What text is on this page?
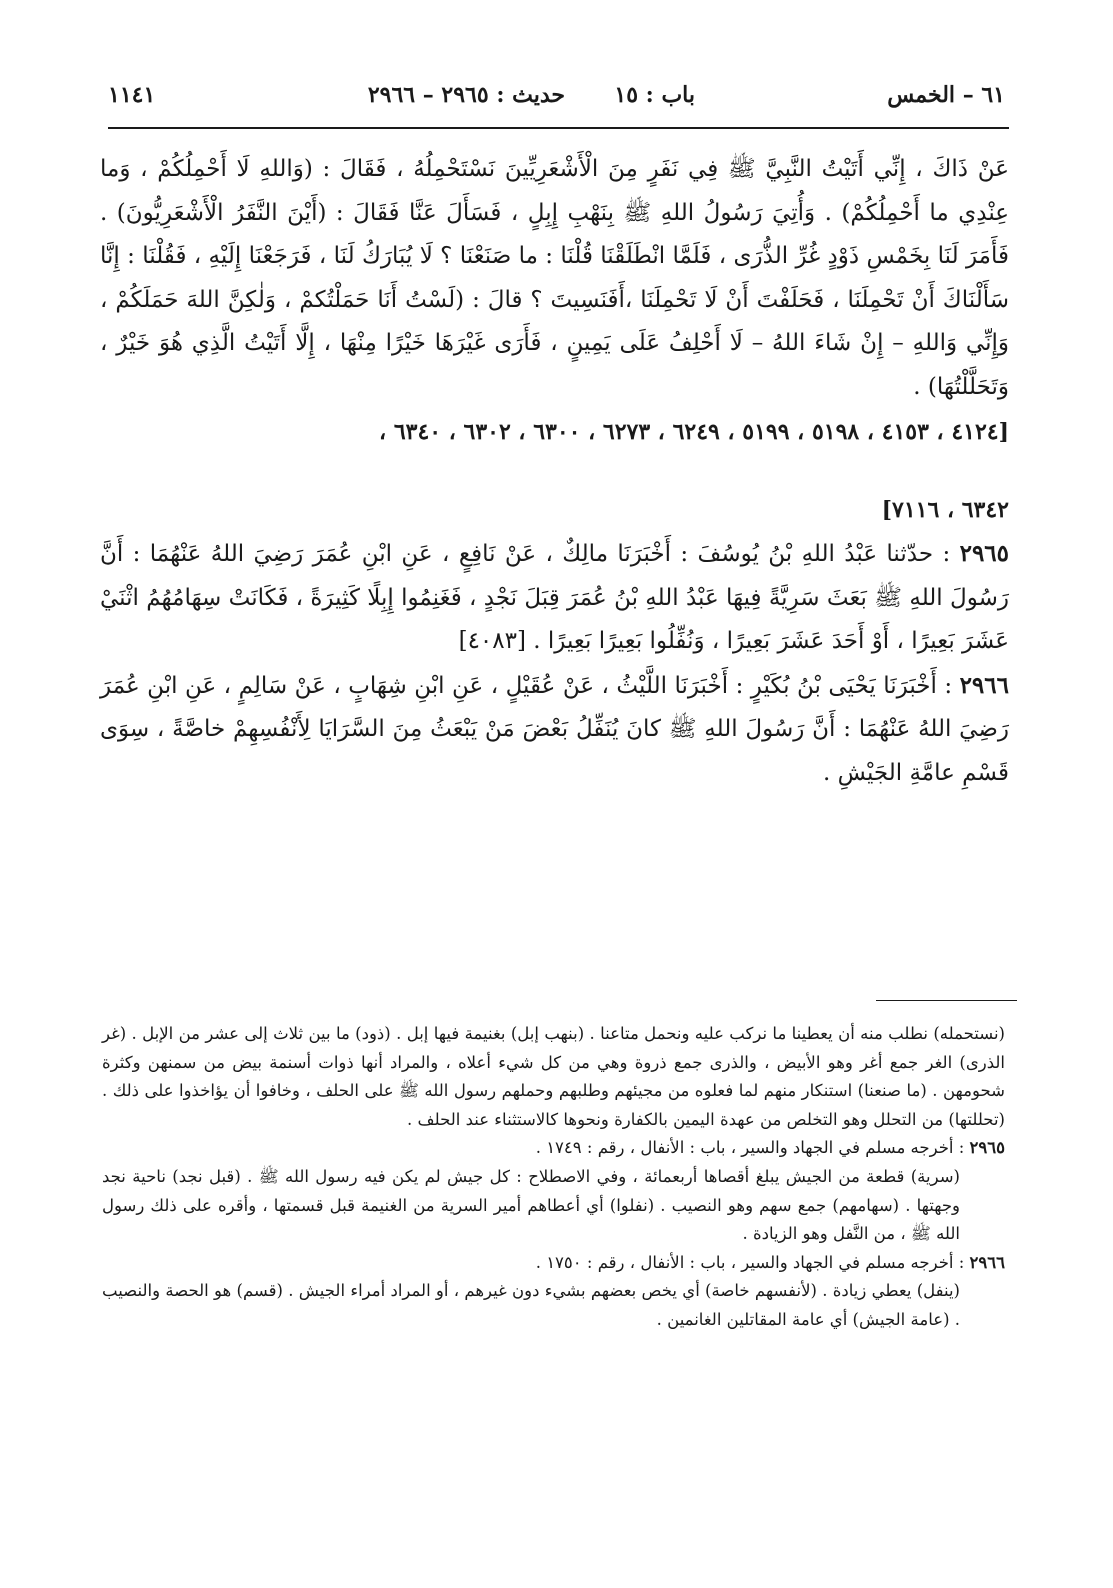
٦١ – الخمس
باب : ١٥
حديث : ٢٩٦٥ – ٢٩٦٦
١١٤١

عَنْ ذَاكَ ، إِنِّي أَتَيْتُ النَّبِيَّ ﷺ فِي نَفَرٍ مِنَ الْأَشْعَرِيِّينَ نَسْتَحْمِلُهُ ، فَقَالَ : (وَاللهِ لَا أَحْمِلُكُمْ ، وَما عِنْدِي ما أَحْمِلُكُمْ) . وَأُتِيَ رَسُولُ اللهِ ﷺ بِنَهْبِ إِبِلٍ ، فَسَأَلَ عَنَّا فَقَالَ : (أَيْنَ النَّفَرُ الْأَشْعَرِيُّونَ) . فَأَمَرَ لَنَا بِخَمْسِ ذَوْدٍ غُرِّ الذُّرَى ، فَلَمَّا انْطَلَقْنَا قُلْنَا : ما صَنَعْنَا ؟ لَا يُبَارَكُ لَنَا ، فَرَجَعْنَا إِلَيْهِ ، فَقُلْنَا : إِنَّا سَأَلْنَاكَ أَنْ تَحْمِلَنَا ، فَحَلَفْتَ أَنْ لَا تَحْمِلَنَا ،أَفَنَسِيتَ ؟ قالَ : (لَسْتُ أَنَا حَمَلْتُكمْ ، وَلٰكِنَّ اللهَ حَمَلَكُمْ ، وَإِنِّي وَاللهِ – إِنْ شَاءَ اللهُ – لَا أَحْلِفُ عَلَى يَمِينٍ ، فَأَرَى غَيْرَهَا خَيْرًا مِنْهَا ، إِلَّا أَتَيْتُ الَّذِي هُوَ خَيْرٌ ، وَتَحَلَّلْتُهَا) .

[٤١٢٤ ، ٤١٥٣ ، ٥١٩٨ ، ٥١٩٩ ، ٦٢٤٩ ، ٦٢٧٣ ، ٦٣٠٠ ، ٦٣٠٢ ، ٦٣٤٠ ،

٦٣٤٢ ، ٧١١٦]

٢٩٦٥ : حدّثنا عَبْدُ اللهِ بْنُ يُوسُفَ : أَخْبَرَنَا مالِكٌ ، عَنْ نَافِعٍ ، عَنِ ابْنِ عُمَرَ رَضِيَ اللهُ عَنْهُمَا : أَنَّ رَسُولَ اللهِ ﷺ بَعَثَ سَرِيَّةً فِيهَا عَبْدُ اللهِ بْنُ عُمَرَ قِبَلَ نَجْدٍ ، فَغَنِمُوا إِبِلًا كَثِيرَةً ، فَكَانَتْ سِهَامُهُمُ اثْنَيْ عَشَرَ بَعِيرًا ، أَوْ أَحَدَ عَشَرَ بَعِيرًا ، وَنُفِّلُوا بَعِيرًا بَعِيرًا . [٤٠٨٣]

٢٩٦٦ : أَخْبَرَنَا يَحْيَى بْنُ بُكَيْرٍ : أَخْبَرَنَا اللَّيْثُ ، عَنْ عُقَيْلٍ ، عَنِ ابْنِ شِهَابٍ ، عَنْ سَالِمٍ ، عَنِ ابْنِ عُمَرَ رَضِيَ اللهُ عَنْهُمَا : أَنَّ رَسُولَ اللهِ ﷺ كانَ يُنَفِّلُ بَعْضَ مَنْ يَبْعَثُ مِنَ السَّرَايَا لِأَنْفُسِهِمْ خاصَّةً ، سِوَى قَسْمِ عامَّةِ الجَيْشِ .

(نستحمله) نطلب منه أن يعطينا ما نركب عليه ونحمل متاعنا . (بنهب إبل) بغنيمة فيها إبل . (ذود) ما بين ثلاث إلى عشر من الإبل . (غر الذرى) الغر جمع أغر وهو الأبيض ، والذرى جمع ذروة وهي من كل شيء أعلاه ، والمراد أنها ذوات أسنمة بيض من سمنهن وكثرة شحومهن . (ما صنعنا) استنكار منهم لما فعلوه من مجيئهم وطلبهم وحملهم رسول الله ﷺ على الحلف ، وخافوا أن يؤاخذوا على ذلك . (تحللتها) من التحلل وهو التخلص من عهدة اليمين بالكفارة ونحوها كالاستثناء عند الحلف .

٢٩٦٥ : أخرجه مسلم في الجهاد والسير ، باب : الأنفال ، رقم : ١٧٤٩ .

(سرية) قطعة من الجيش يبلغ أقصاها أربعمائة ، وفي الاصطلاح : كل جيش لم يكن فيه رسول الله ﷺ . (قبل نجد) ناحية نجد وجهتها . (سهامهم) جمع سهم وهو النصيب . (نفلوا) أي أعطاهم أمير السرية من الغنيمة قبل قسمتها ، وأقره على ذلك رسول الله ﷺ ، من النَّفل وهو الزيادة .

٢٩٦٦ : أخرجه مسلم في الجهاد والسير ، باب : الأنفال ، رقم : ١٧٥٠ .

(ينفل) يعطي زيادة . (لأنفسهم خاصة) أي يخص بعضهم بشيء دون غيرهم ، أو المراد أمراء الجيش . (قسم) هو الحصة والنصيب . (عامة الجيش) أي عامة المقاتلين الغانمين .
